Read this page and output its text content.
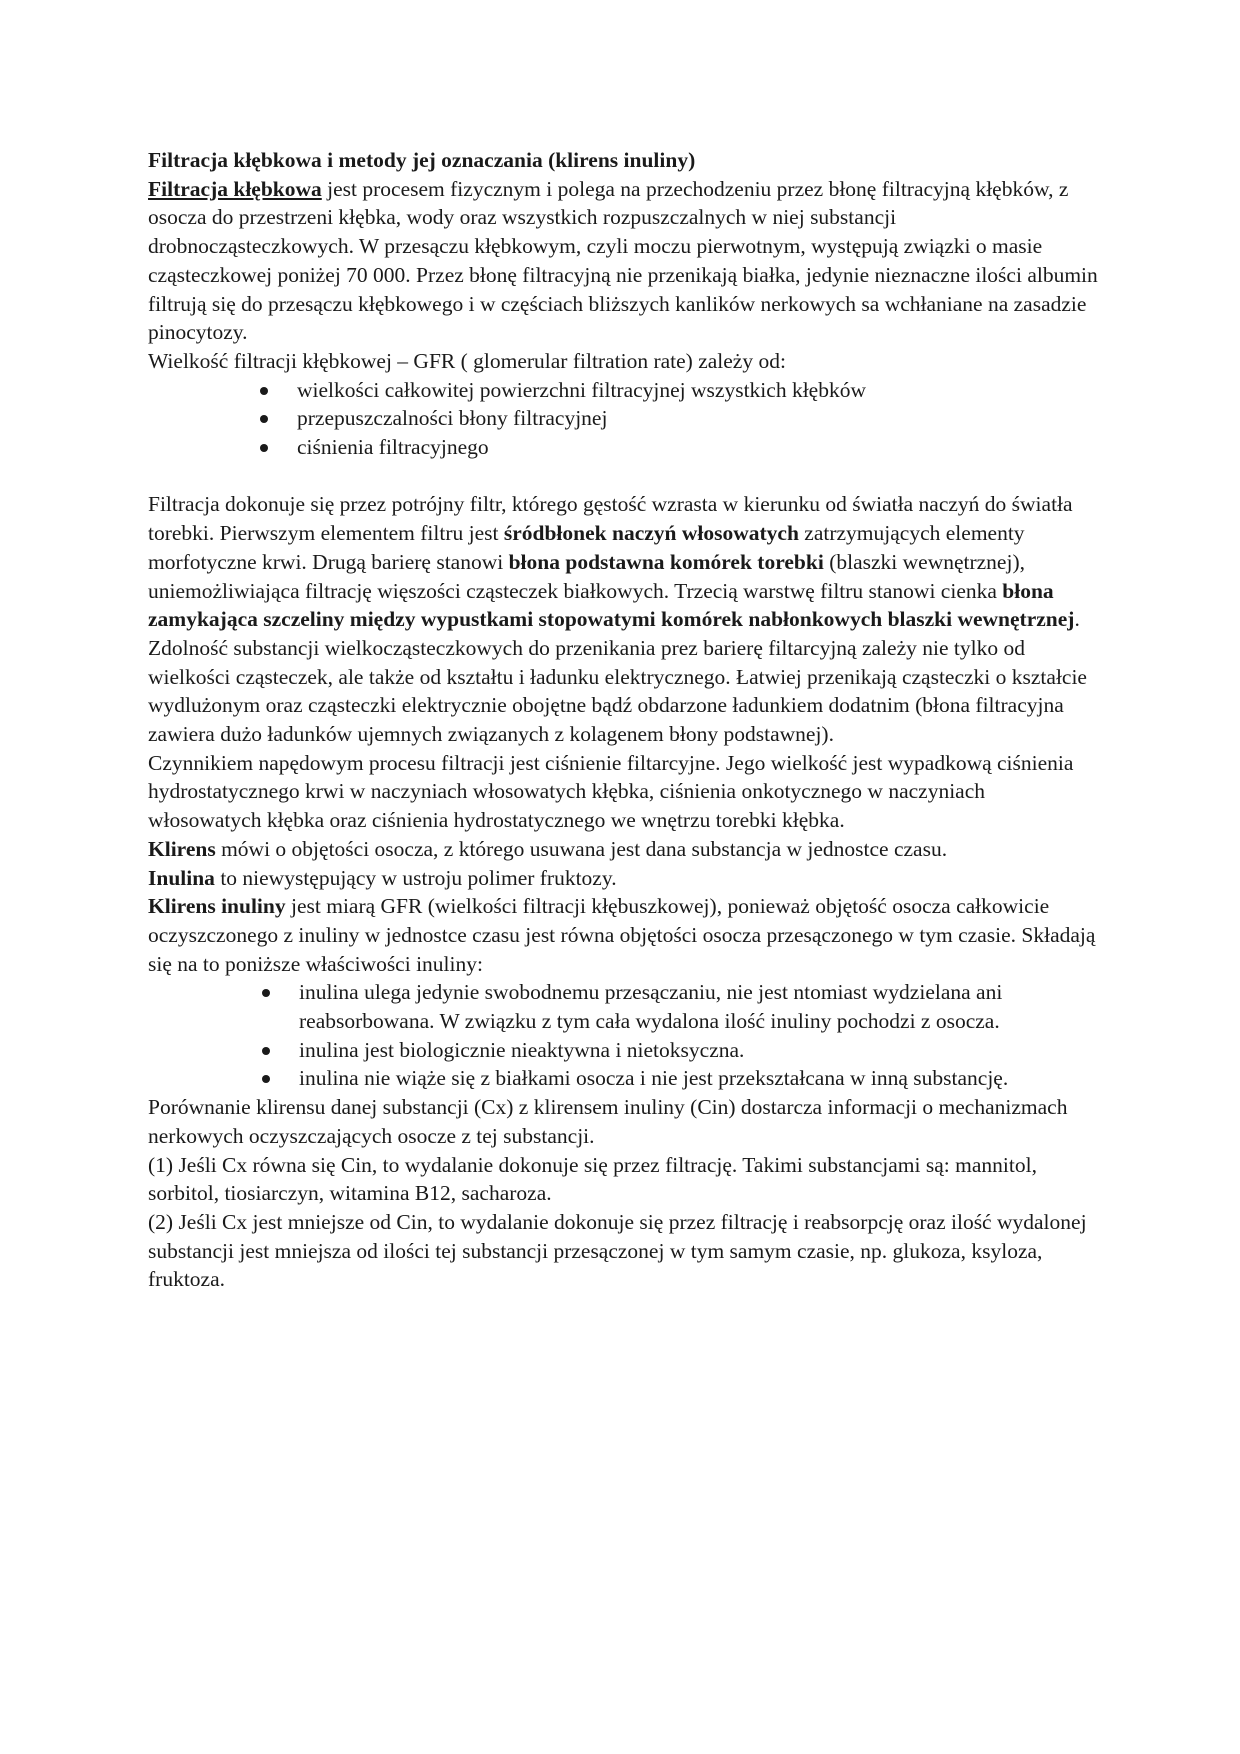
Filtracja kłębkowa i metody jej oznaczania (klirens inuliny)

Filtracja kłębkowa jest procesem fizycznym i polega na przechodzeniu przez błonę filtracyjną kłębków, z osocza do przestrzeni kłębka, wody oraz wszystkich rozpuszczalnych w niej substancji drobnocząsteczkowych. W przesączu kłębkowym, czyli moczu pierwotnym, występują związki o masie cząsteczkowej poniżej 70 000. Przez błonę filtracyjną nie przenikają białka, jedynie nieznaczne ilości albumin filtrują się do przesączu kłębkowego i w częściach bliższych kanlików nerkowych sa wchłaniane na zasadzie pinocytozy.

Wielkość filtracji kłębkowej – GFR ( glomerular filtration rate) zależy od:

wielkości całkowitej powierzchni filtracyjnej wszystkich kłębków
przepuszczalności błony filtracyjnej
ciśnienia filtracyjnego

Filtracja dokonuje się przez potrójny filtr, którego gęstość wzrasta w kierunku od światła naczyń do światła torebki. Pierwszym elementem filtru jest śródbłonek naczyń włosowatych zatrzymujących elementy morfotyczne krwi. Drugą barierę stanowi błona podstawna komórek torebki (blaszki wewnętrznej), uniemożliwiająca filtrację więszości cząsteczek białkowych. Trzecią warstwę filtru stanowi cienka błona zamykająca szczeliny między wypustkami stopowatymi komórek nabłonkowych blaszki wewnętrznej.

Zdolność substancji wielkocząsteczkowych do przenikania prez barierę filtarcyjną zależy nie tylko od wielkości cząsteczek, ale także od kształtu i ładunku elektrycznego. Łatwiej przenikają cząsteczki o kształcie wydlużonym oraz cząsteczki elektrycznie obojętne bądź obdarzone ładunkiem dodatnim (błona filtracyjna zawiera dużo ładunków ujemnych związanych z kolagenem błony podstawnej).

Czynnikiem napędowym procesu filtracji jest ciśnienie filtarcyjne. Jego wielkość jest wypadkową ciśnienia hydrostatycznego krwi w naczyniach włosowatych kłębka, ciśnienia onkotycznego w naczyniach włosowatych kłębka oraz ciśnienia hydrostatycznego we wnętrzu torebki kłębka.

Klirens mówi o objętości osocza, z którego usuwana jest dana substancja w jednostce czasu.

Inulina to niewystępujący w ustroju polimer fruktozy.

Klirens inuliny jest miarą GFR (wielkości filtracji kłębuszkowej), ponieważ objętość osocza całkowicie oczyszczonego z inuliny w jednostce czasu jest równa objętości osocza przesączonego w tym czasie. Składają się na to poniższe właściwości inuliny:

inulina ulega jedynie swobodnemu przesączaniu, nie jest ntomiast wydzielana ani reabsorbowana. W związku z tym cała wydalona ilość inuliny pochodzi z osocza.
inulina jest biologicznie nieaktywna i nietoksyczna.
inulina nie wiąże się z białkami osocza i nie jest przekształcana w inną substancję.

Porównanie klirensu danej substancji (Cx) z klirensem inuliny (Cin) dostarcza informacji o mechanizmach nerkowych oczyszczających osocze z tej substancji.

(1) Jeśli Cx równa się Cin, to wydalanie dokonuje się przez filtrację. Takimi substancjami są: mannitol, sorbitol, tiosiarczyn, witamina B12, sacharoza.

(2) Jeśli Cx jest mniejsze od Cin, to wydalanie dokonuje się przez filtrację i reabsorpcję oraz ilość wydalonej substancji jest mniejsza od ilości tej substancji przesączonej w tym samym czasie, np. glukoza, ksyloza, fruktoza.
